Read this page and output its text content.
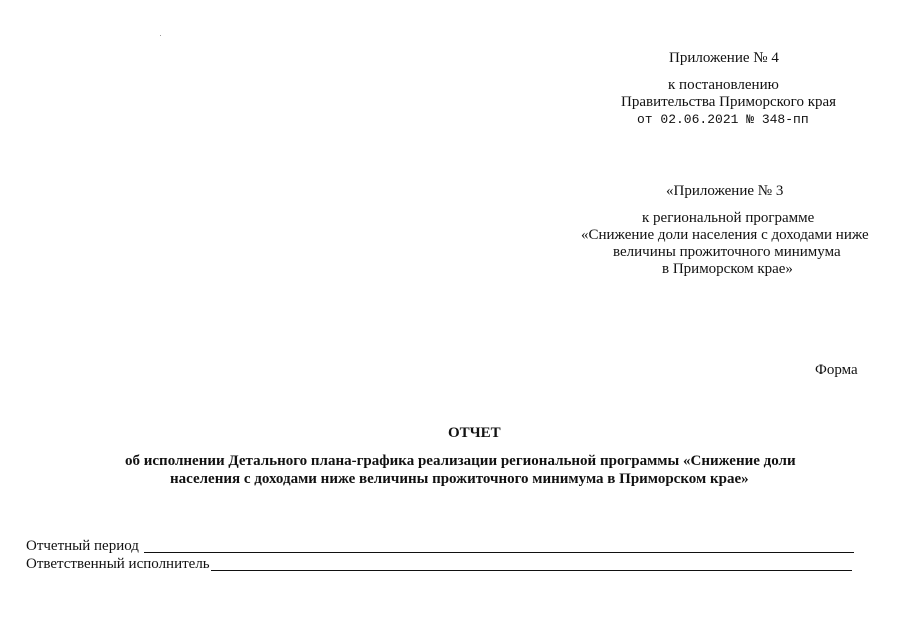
Приложение № 4
к постановлению
Правительства Приморского края
от 02.06.2021 № 348-пп
«Приложение № 3
к региональной программе
«Снижение доли населения с доходами ниже
величины прожиточного минимума
в Приморском крае»
Форма
ОТЧЕТ
об исполнении Детального плана-графика реализации региональной программы «Снижение доли
населения с доходами ниже величины прожиточного минимума в Приморском крае»
Отчетный период
Ответственный исполнитель
